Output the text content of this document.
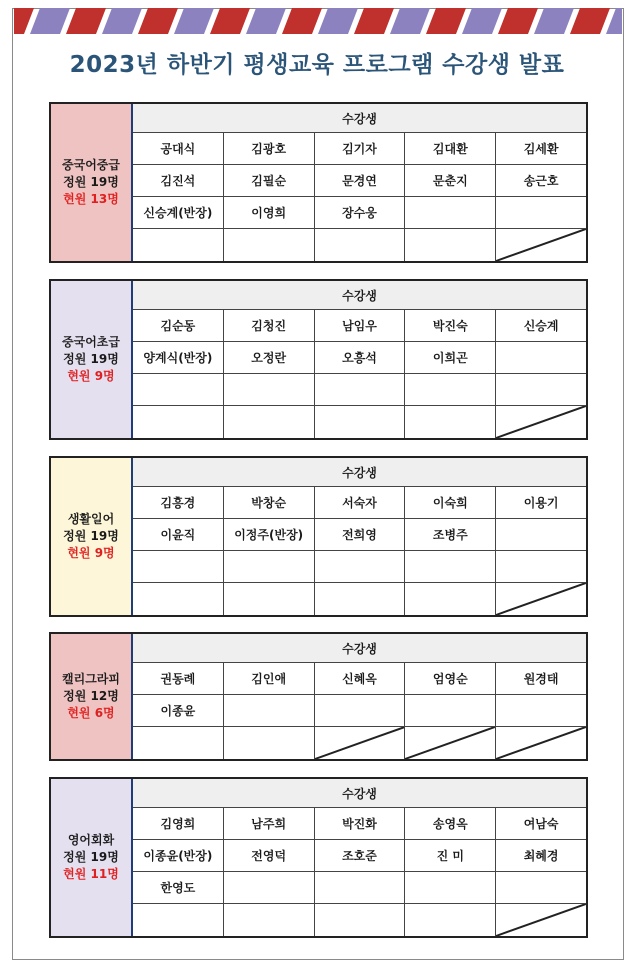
2023년 하반기 평생교육 프로그램 수강생 발표
중국어중급
정원 19명
현원 13명
수강생
공대식	김광호	김기자	김대환	김세환
김진석	김필순	문경연	문춘지	송근호
신승계(반장)	이영희	장수웅
중국어초급
정원 19명
현원 9명
수강생
김순동	김청진	남임우	박진숙	신승계
양계식(반장)	오정란	오흥석	이희곤
생활일어
정원 19명
현원 9명
수강생
김흥경	박창순	서숙자	이숙희	이용기
이윤직	이정주(반장)	전희영	조병주
캘리그라피
정원 12명
현원 6명
수강생
권동례	김인애	신혜옥	엄영순	원경태
이종윤
영어회화
정원 19명
현원 11명
수강생
김영희	남주희	박진화	송영옥	여남숙
이종윤(반장)	전영덕	조호준	진 미	최혜경
한영도
